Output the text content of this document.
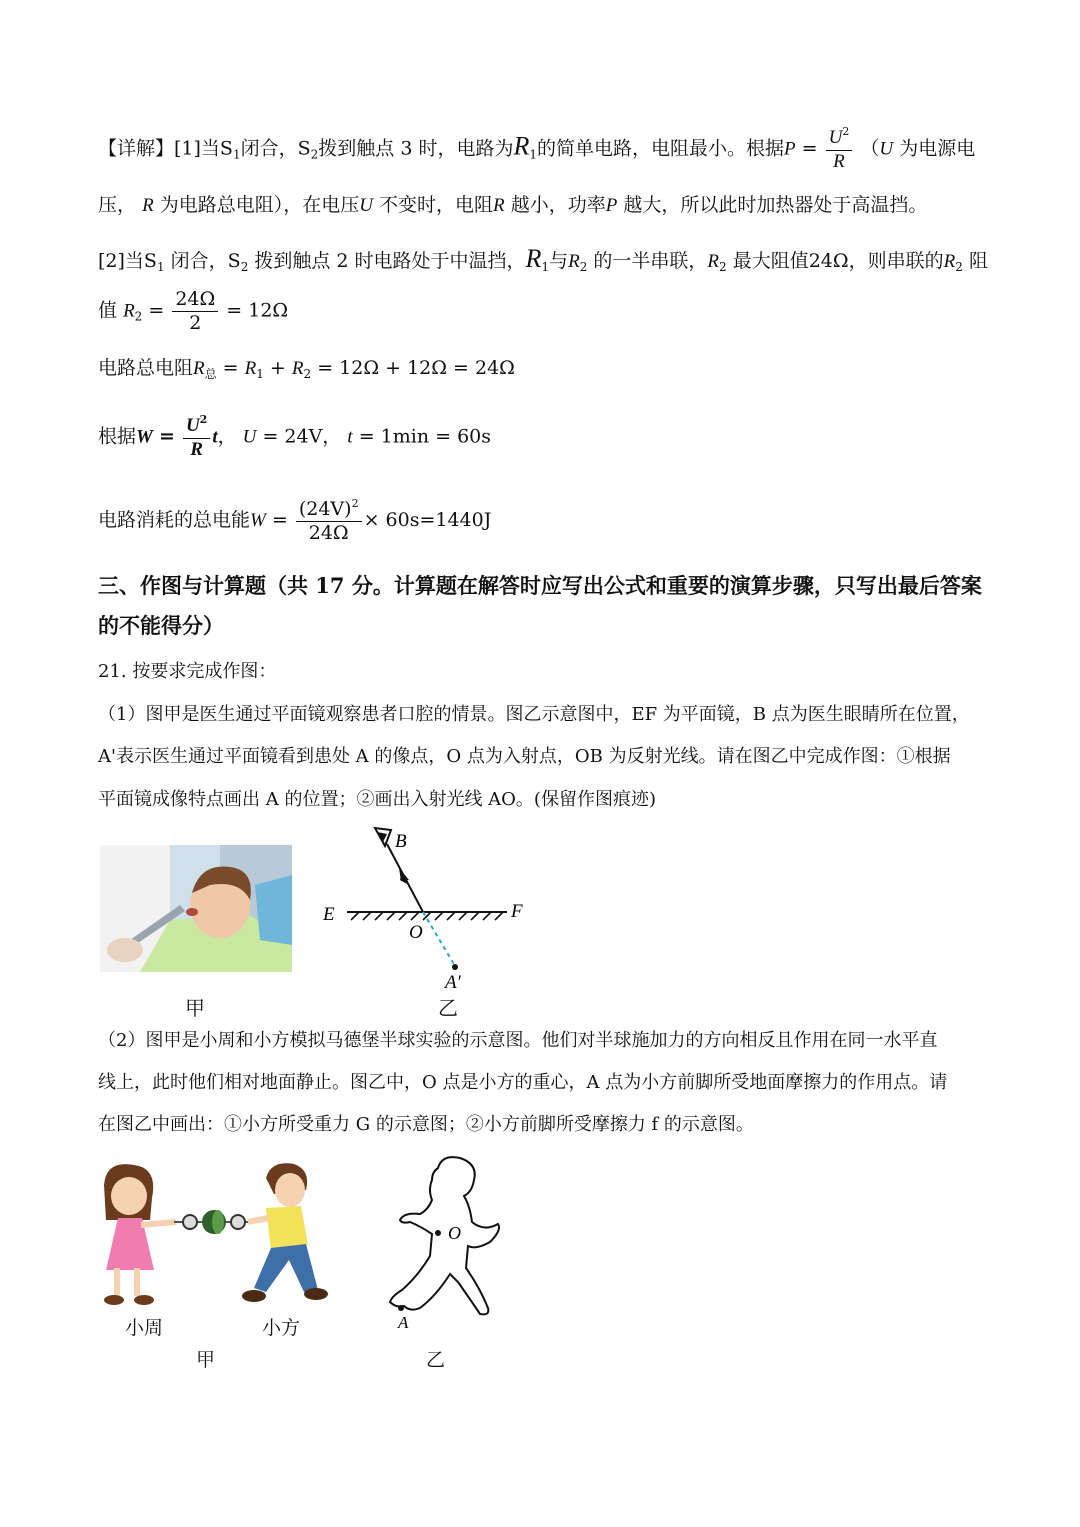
【详解】[1]当$S_1$闭合，$S_2$拨到触点 3 时，电路为$R_1$的简单电路，电阻最小。根据$P = \frac{U^2}{R} (U$ 为电源电
压， R 为电路总电阻），在电压U 不变时，电阻R 越小，功率P 越大，所以此时加热器处于高温挡。
[2]当$S_1$ 闭合，$S_2$ 拨到触点 2 时电路处于中温挡，$R_1$与$R_2$ 的一半串联，$R_2$ 最大阻值24Ω，则串联的$R_2$ 阻
值 $R_2 = \frac{24\Omega}{2} = 12\Omega$
电路总电阻$R_总 = R_1 + R_2 = 12\Omega + 12\Omega = 24\Omega$
根据$W = \frac{U^2}{R}$ t， U = 24V， t = 1min = 60s
电路消耗的总电能$W = \frac{(24V)^2}{24\Omega} \times 60s=1440J$
三、作图与计算题（共 17 分。计算题在解答时应写出公式和重要的演算步骤，只写出最后答案的不能得分）
21. 按要求完成作图：
（1）图甲是医生通过平面镜观察患者口腔的情景。图乙示意图中，EF 为平面镜，B 点为医生眼睛所在位置，
A'表示医生通过平面镜看到患处 A 的像点，O 点为入射点，OB 为反射光线。请在图乙中完成作图：①根据
平面镜成像特点画出 A 的位置；②画出入射光线 AO。(保留作图痕迹)
甲
B
E	F
O
A′
乙
（2）图甲是小周和小方模拟马德堡半球实验的示意图。他们对半球施加力的方向相反且作用在同一水平直
线上，此时他们相对地面静止。图乙中，O 点是小方的重心，A 点为小方前脚所受地面摩擦力的作用点。请
在图乙中画出：①小方所受重力 G 的示意图；②小方前脚所受摩擦力 f 的示意图。
小周	小方
甲
O
A
乙
